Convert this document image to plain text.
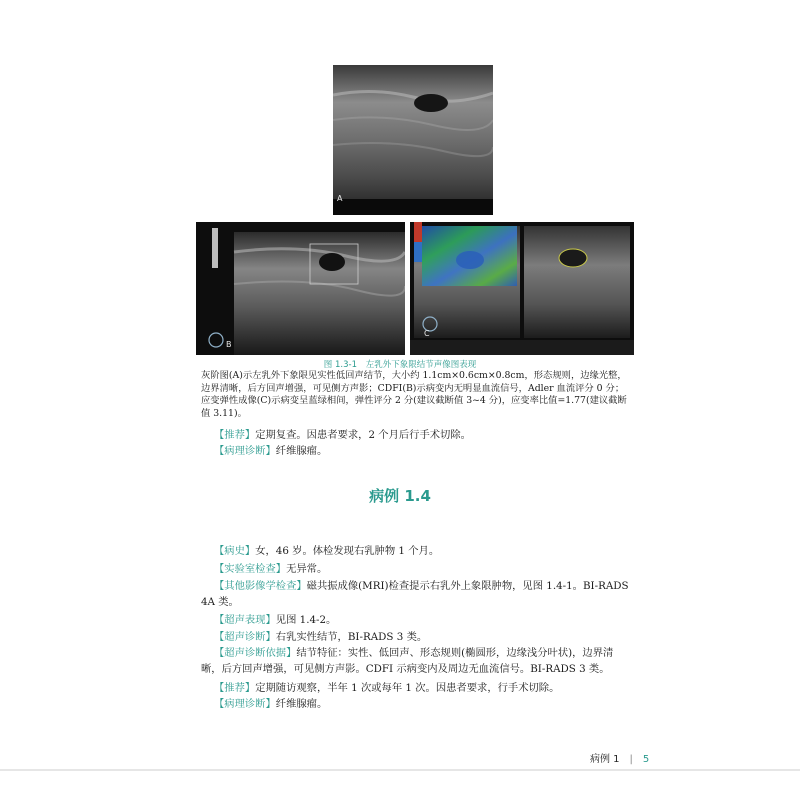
A
B
C
图 1.3-1 左乳外下象限结节声像图表现
灰阶图(A)示左乳外下象限见实性低回声结节，大小约 1.1cm×0.6cm×0.8cm，形态规则，边缘光整，边界清晰，后方回声增强，可见侧方声影；CDFI(B)示病变内无明显血流信号，Adler 血流评分 0 分；应变弹性成像(C)示病变呈蓝绿相间，弹性评分 2 分(建议截断值 3~4 分)，应变率比值=1.77(建议截断值 3.11)。
【推荐】定期复查。因患者要求，2 个月后行手术切除。
【病理诊断】纤维腺瘤。
病例 1.4
【病史】女，46 岁。体检发现右乳肿物 1 个月。
【实验室检查】无异常。
【其他影像学检查】磁共振成像(MRI)检查提示右乳外上象限肿物，见图 1.4-1。BI-RADS 4A 类。
【超声表现】见图 1.4-2。
【超声诊断】右乳实性结节，BI-RADS 3 类。
【超声诊断依据】结节特征：实性、低回声、形态规则(椭圆形，边缘浅分叶状)，边界清晰，后方回声增强，可见侧方声影。CDFI 示病变内及周边无血流信号。BI-RADS 3 类。
【推荐】定期随访观察，半年 1 次或每年 1 次。因患者要求，行手术切除。
【病理诊断】纤维腺瘤。
病例 1 | 5
